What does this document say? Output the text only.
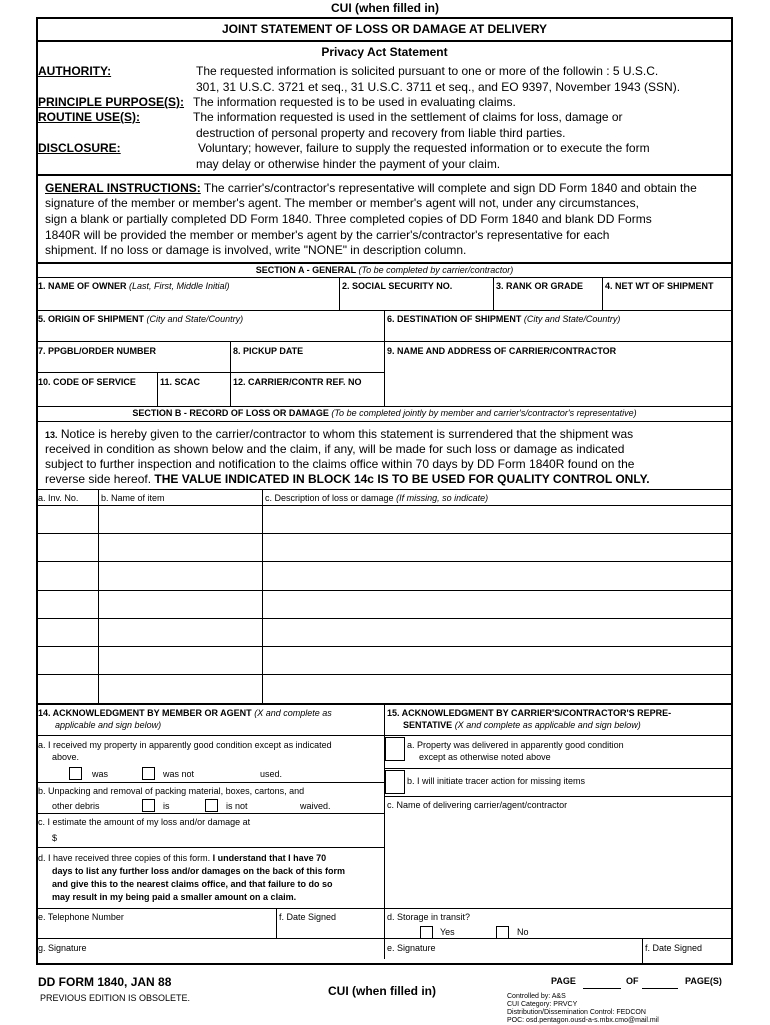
CUI (when filled in)
JOINT STATEMENT OF LOSS OR DAMAGE AT DELIVERY
Privacy Act Statement
AUTHORITY:	The requested information is solicited pursuant to one or more of the followin : 5 U.S.C.
301, 31 U.S.C. 3721 et seq., 31 U.S.C. 3711 et seq., and EO 9397, November 1943 (SSN).
PRINCIPLE PURPOSE(S): The information requested is to be used in evaluating claims.
ROUTINE USE(S):	The information requested is used in the settlement of claims for loss, damage or
destruction of personal property and recovery from liable third parties.
DISCLOSURE:	Voluntary; however, failure to supply the requested information or to execute the form
may delay or otherwise hinder the payment of your claim.
GENERAL INSTRUCTIONS: The carrier's/contractor's representative will complete and sign DD Form 1840 and obtain the
signature of the member or member's agent. The member or member's agent will not, under any circumstances,
sign a blank or partially completed DD Form 1840. Three completed copies of DD Form 1840 and blank DD Forms
1840R will be provided the member or member's agent by the carrier's/contractor's representative for each
shipment. If no loss or damage is involved, write "NONE" in description column.
SECTION A - GENERAL (To be completed by carrier/contractor)
1. NAME OF OWNER (Last, First, Middle Initial)	2. SOCIAL SECURITY NO.	3. RANK OR GRADE 4. NET WT OF SHIPMENT
5. ORIGIN OF SHIPMENT (City and State/Country)	6. DESTINATION OF SHIPMENT (City and State/Country)
7. PPGBL/ORDER NUMBER	8. PICKUP DATE	9. NAME AND ADDRESS OF CARRIER/CONTRACTOR
10. CODE OF SERVICE	11. SCAC	12. CARRIER/CONTR REF. NO
SECTION B - RECORD OF LOSS OR DAMAGE (To be completed jointly by member and carrier's/contractor's representative)
13. Notice is hereby given to the carrier/contractor to whom this statement is surrendered that the shipment was
received in condition as shown below and the claim, if any, will be made for such loss or damage as indicated
subject to further inspection and notification to the claims office within 70 days by DD Form 1840R found on the
reverse side hereof. THE VALUE INDICATED IN BLOCK 14c IS TO BE USED FOR QUALITY CONTROL ONLY.
a. Inv. No.	b. Name of item	c. Description of loss or damage (If missing, so indicate)
14. ACKNOWLEDGMENT BY MEMBER OR AGENT (X and complete as
applicable and sign below)
a. I received my property in apparently good condition except as indicated
above.
was	was not	used.
b. Unpacking and removal of packing material, boxes, cartons, and
other debris	is	is not	waived.
c. I estimate the amount of my loss and/or damage at
$
d. I have received three copies of this form. I understand that I have 70
days to list any further loss and/or damages on the back of this form
and give this to the nearest claims office, and that failure to do so
may result in my being paid a smaller amount on a claim.
e. Telephone Number	f. Date Signed
g. Signature
15. ACKNOWLEDGMENT BY CARRIER'S/CONTRACTOR'S REPRE-
SENTATIVE (X and complete as applicable and sign below)
a. Property was delivered in apparently good condition
except as otherwise noted above
b. I will initiate tracer action for missing items
c. Name of delivering carrier/agent/contractor
d. Storage in transit?
Yes	No
e. Signature	f. Date Signed
DD FORM 1840, JAN 88
PREVIOUS EDITION IS OBSOLETE.	CUI (when filled in)
PAGE	OF	PAGE(S)
Controlled by: A&S
CUI Category: PRVCY
Distribution/Dissemination Control: FEDCON
POC: osd.pentagon.ousd-a-s.mbx.cmo@mail.mil
